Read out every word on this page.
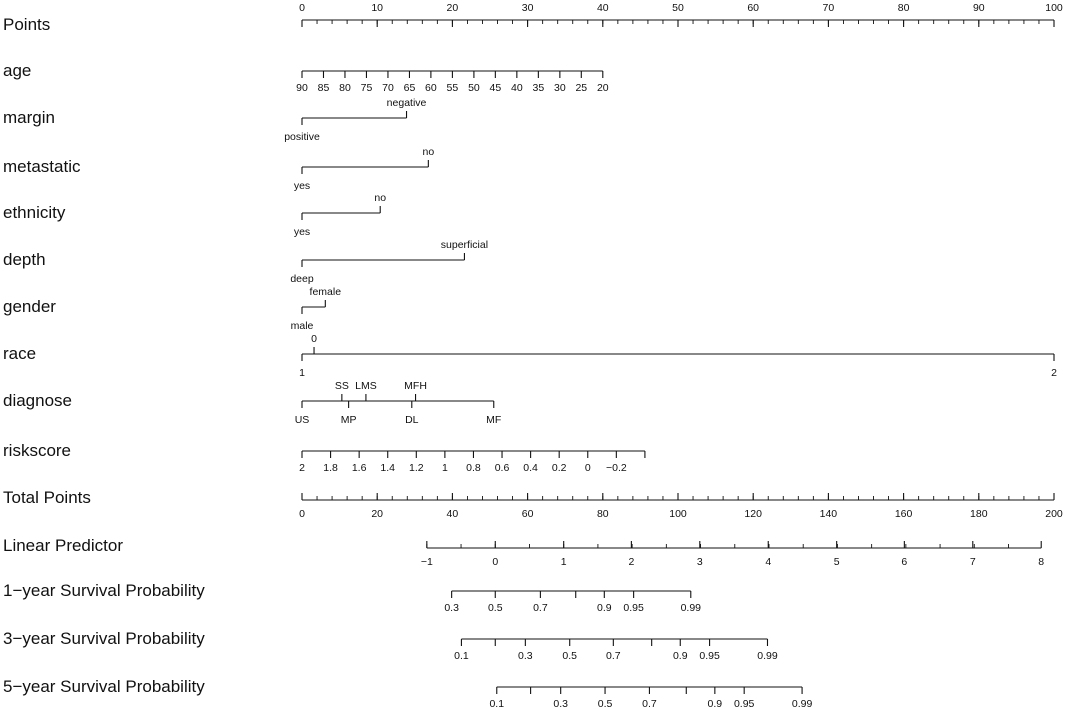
Points
0	10	20	30	40	50	60	70	80	90	100
age
90 85 80 75 70 65 60 55 50 45 40 35 30 25 20
margin
positive
negative
metastatic
yes
no
ethnicity
yes
no
depth
deep
superficial
gender
male
female
race
1
0
2
diagnose
US
SS
MP
LMS
DL
MFH
MF
riskscore
2 1.8 1.6 1.4 1.2 1 0.8 0.6 0.4 0.2 0 −0.2
Total Points
0	20	40	60	80	100	120	140	160	180	200
Linear Predictor
−1	0	1	2	3	4	5	6	7	8
1−year Survival Probability
0.3	0.5	0.7	0.9 0.95	0.99
3−year Survival Probability
0.1	0.3	0.5	0.7	0.9 0.95	0.99
5−year Survival Probability
0.1	0.3	0.5	0.7	0.9 0.95	0.99
